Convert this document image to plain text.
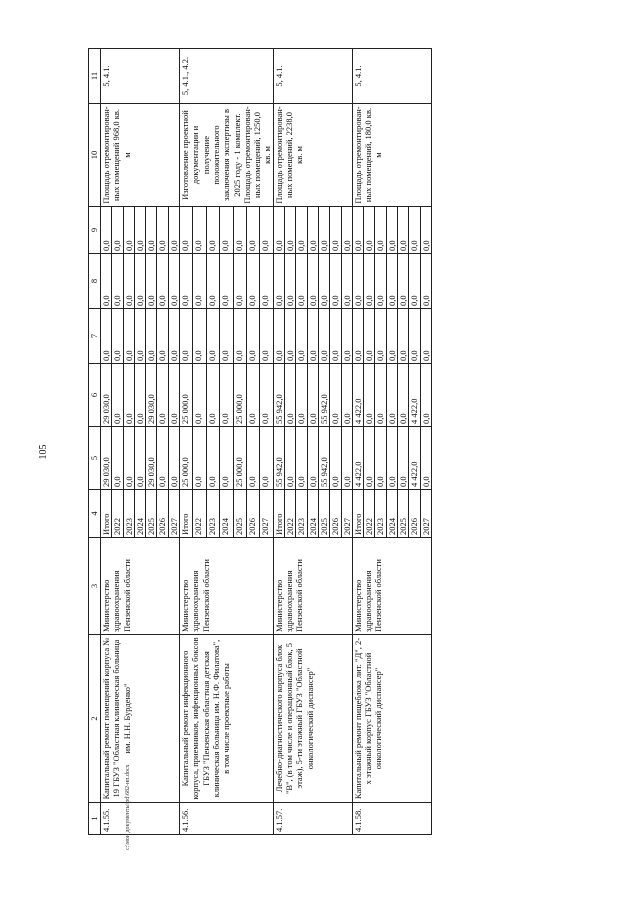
105
1	2	3	4	5	6	7	8	9	10	11
4.1.55.	Капитальный ремонт помещений корпуса № 19 ГБУЗ "Областная клиническая больница им. Н.Н. Бурденко"	Министерство здравоохранения Пензенской области	Итого	29 030,0	29 030,0	0,0	0,0	0,0	Площадь отремонтирован-ных помещений 968,0 кв. м	5, 4.1.
			2022	0,0	0,0	0,0	0,0	0,0		
			2023	0,0	0,0	0,0	0,0	0,0		
			2024	0,0	0,0	0,0	0,0	0,0		
			2025	29 030,0	29 030,0	0,0	0,0	0,0		
			2026	0,0	0,0	0,0	0,0	0,0		
			2027	0,0	0,0	0,0	0,0	0,0		
4.1.56.	Капитальный ремонт инфекционного корпуса, приемников, инфекционных боксов ГБУЗ "Пензенская областная детская клиническая больница им. Н.Ф. Филатова", в том числе проектные работы	Министерство здравоохранения Пензенской области	Итого	25 000,0	25 000,0	0,0	0,0	0,0	Изготовление проектной документации и получение положительного заключения экспертизы в 2025 году - 1 комплект. Площадь отремонтирован-ных помещений, 1250,0 кв. м	5, 4.1., 4.2.
			2022	0,0	0,0	0,0	0,0	0,0		
			2023	0,0	0,0	0,0	0,0	0,0		
			2024	0,0	0,0	0,0	0,0	0,0		
			2025	25 000,0	25 000,0	0,0	0,0	0,0		
			2026	0,0	0,0	0,0	0,0	0,0		
			2027	0,0	0,0	0,0	0,0	0,0		
4.1.57.	Лечебно-диагностического корпуса блок "В", (в том числе и операционный блок, 5 этаж), 5-ти этажный ГБУЗ "Областной онкологический диспансер"	Министерство здравоохранения Пензенской области	Итого	55 942,0	55 942,0	0,0	0,0	0,0	Площадь отремонтирован-ных помещений, 2238,0 кв. м	5, 4.1.
			2022	0,0	0,0	0,0	0,0	0,0		
			2023	0,0	0,0	0,0	0,0	0,0		
			2024	0,0	0,0	0,0	0,0	0,0		
			2025	55 942,0	55 942,0	0,0	0,0	0,0		
			2026	0,0	0,0	0,0	0,0	0,0		
			2027	0,0	0,0	0,0	0,0	0,0		
4.1.58.	Капитальный ремонт пищеблока лит. "Д", 2-х этажный корпус ГБУЗ "Областной онкологический диспансер"	Министерство здравоохранения Пензенской области	Итого	4 422,0	4 422,0	0,0	0,0	0,0	Площадь отремонтирован-ных помещений, 180,0 кв. м	5, 4.1.
			2022	0,0	0,0	0,0	0,0	0,0		
			2023	0,0	0,0	0,0	0,0	0,0		
			2024	0,0	0,0	0,0	0,0	0,0		
			2025	0,0	0,0	0,0	0,0	0,0		
			2026	4 422,0	4 422,0	0,0	0,0	0,0		
			2027	0,0	0,0	0,0	0,0	0,0		
c:\мои документы\pd\682-нп.docx
